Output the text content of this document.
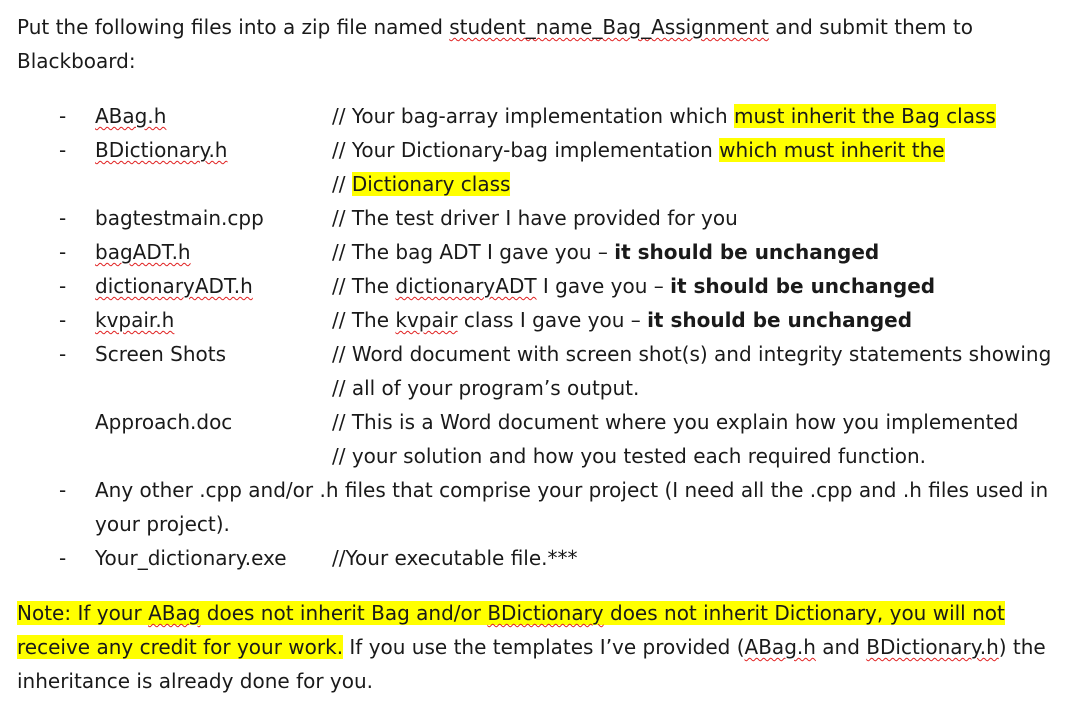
Put the following files into a zip file named student_name_Bag_Assignment and submit them to
Blackboard:
- ABag.h	// Your bag-array implementation which must inherit the Bag class
- BDictionary.h	// Your Dictionary-bag implementation which must inherit the
// Dictionary class
- bagtestmain.cpp	// The test driver I have provided for you
- bagADT.h	// The bag ADT I gave you – it should be unchanged
- dictionaryADT.h	// The dictionaryADT I gave you – it should be unchanged
- kvpair.h	// The kvpair class I gave you – it should be unchanged
- Screen Shots	// Word document with screen shot(s) and integrity statements showing
// all of your program’s output.
Approach.doc	// This is a Word document where you explain how you implemented
// your solution and how you tested each required function.
- Any other .cpp and/or .h files that comprise your project (I need all the .cpp and .h files used in
your project).
- Your_dictionary.exe //Your executable file.***
Note: If your ABag does not inherit Bag and/or BDictionary does not inherit Dictionary, you will not
receive any credit for your work. If you use the templates I’ve provided (ABag.h and BDictionary.h) the
inheritance is already done for you.
